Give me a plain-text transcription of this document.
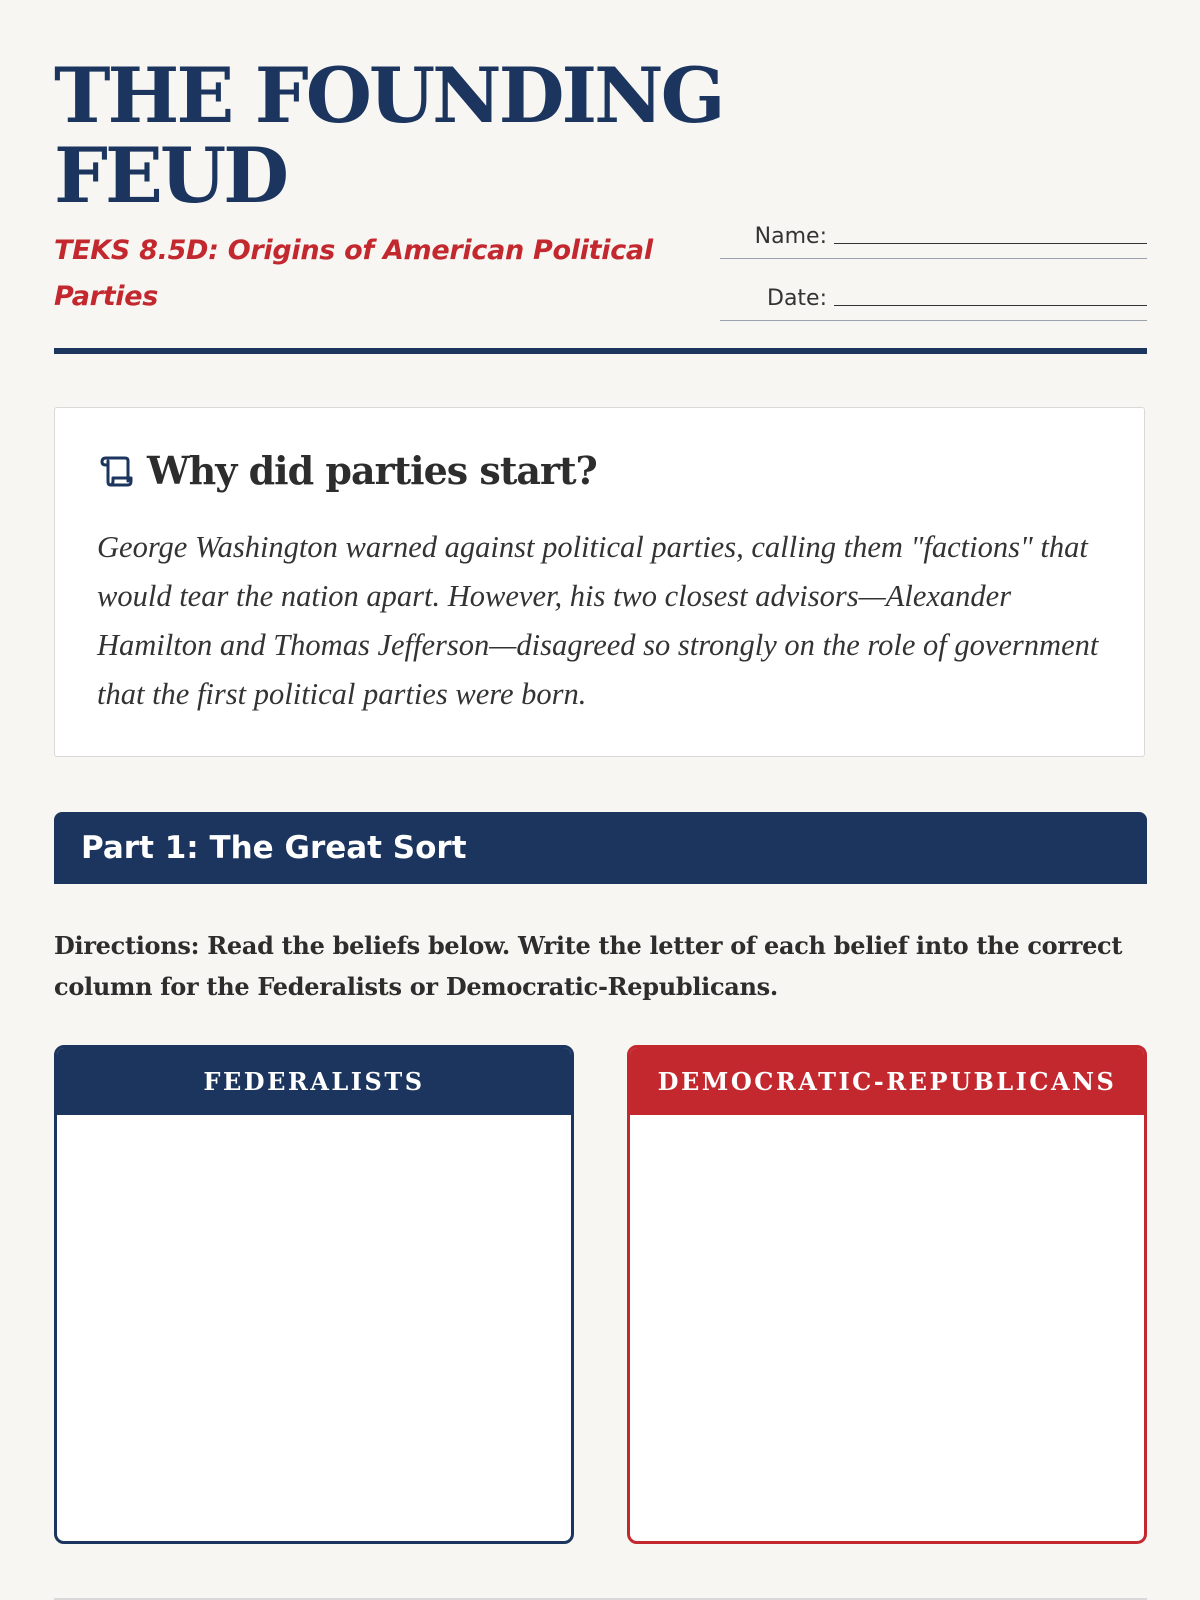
THE FOUNDING FEUD
TEKS 8.5D: Origins of American Political Parties
Name:
Date:
Why did parties start?

George Washington warned against political parties, calling them "factions" that would tear the nation apart. However, his two closest advisors—Alexander Hamilton and Thomas Jefferson—disagreed so strongly on the role of government that the first political parties were born.

Part 1: The Great Sort

Directions: Read the beliefs below. Write the letter of each belief into the correct column for the Federalists or Democratic-Republicans.

FEDERALISTS	DEMOCRATIC-REPUBLICANS
